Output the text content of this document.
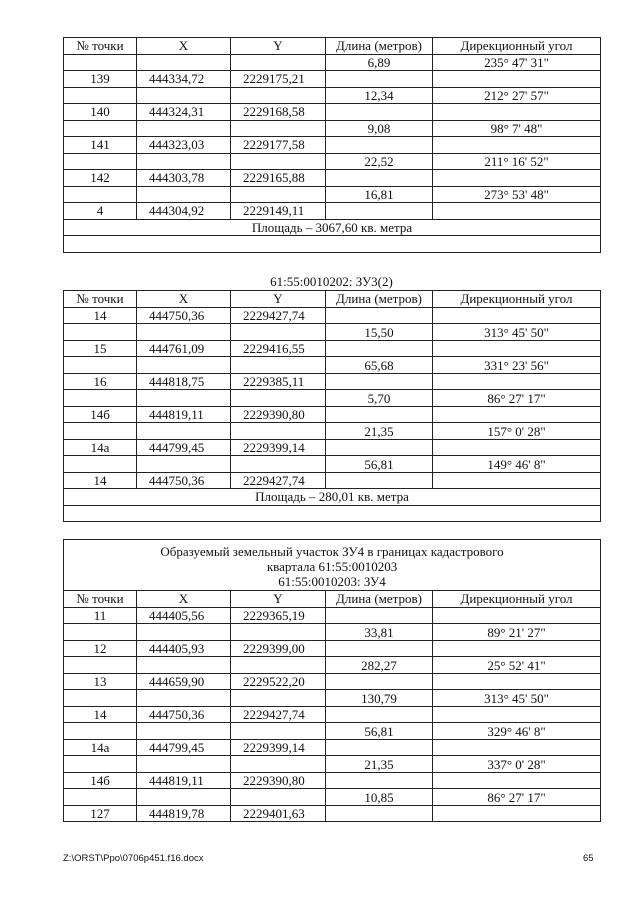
№ точки	X	Y	Длина (метров)	Дирекционный угол
			6,89	235° 47' 31"
139	444334,72	2229175,21		
			12,34	212° 27' 57"
140	444324,31	2229168,58		
			9,08	98° 7' 48"
141	444323,03	2229177,58		
			22,52	211° 16' 52"
142	444303,78	2229165,88		
			16,81	273° 53' 48"
4	444304,92	2229149,11		
Площадь – 3067,60 кв. метра				

61:55:0010202: ЗУ3(2)
№ точки	X	Y	Длина (метров)	Дирекционный угол
14	444750,36	2229427,74		
			15,50	313° 45' 50"
15	444761,09	2229416,55		
			65,68	331° 23' 56"
16	444818,75	2229385,11		
			5,70	86° 27' 17"
14б	444819,11	2229390,80		
			21,35	157° 0' 28"
14а	444799,45	2229399,14		
			56,81	149° 46' 8"
14	444750,36	2229427,74		
Площадь – 280,01 кв. метра				

Образуемый земельный участок ЗУ4 в границах кадастрового
квартала 61:55:0010203
61:55:0010203: ЗУ4				

№ точки	X	Y	Длина (метров)	Дирекционный угол
11	444405,56	2229365,19		
			33,81	89° 21' 27"
12	444405,93	2229399,00		
			282,27	25° 52' 41"
13	444659,90	2229522,20		
			130,79	313° 45' 50"
14	444750,36	2229427,74		
			56,81	329° 46' 8"
14а	444799,45	2229399,14		
			21,35	337° 0' 28"
14б	444819,11	2229390,80		
			10,85	86° 27' 17"
127	444819,78	2229401,63		
Z:\ORST\Ppo\0706p451.f16.docx	65
